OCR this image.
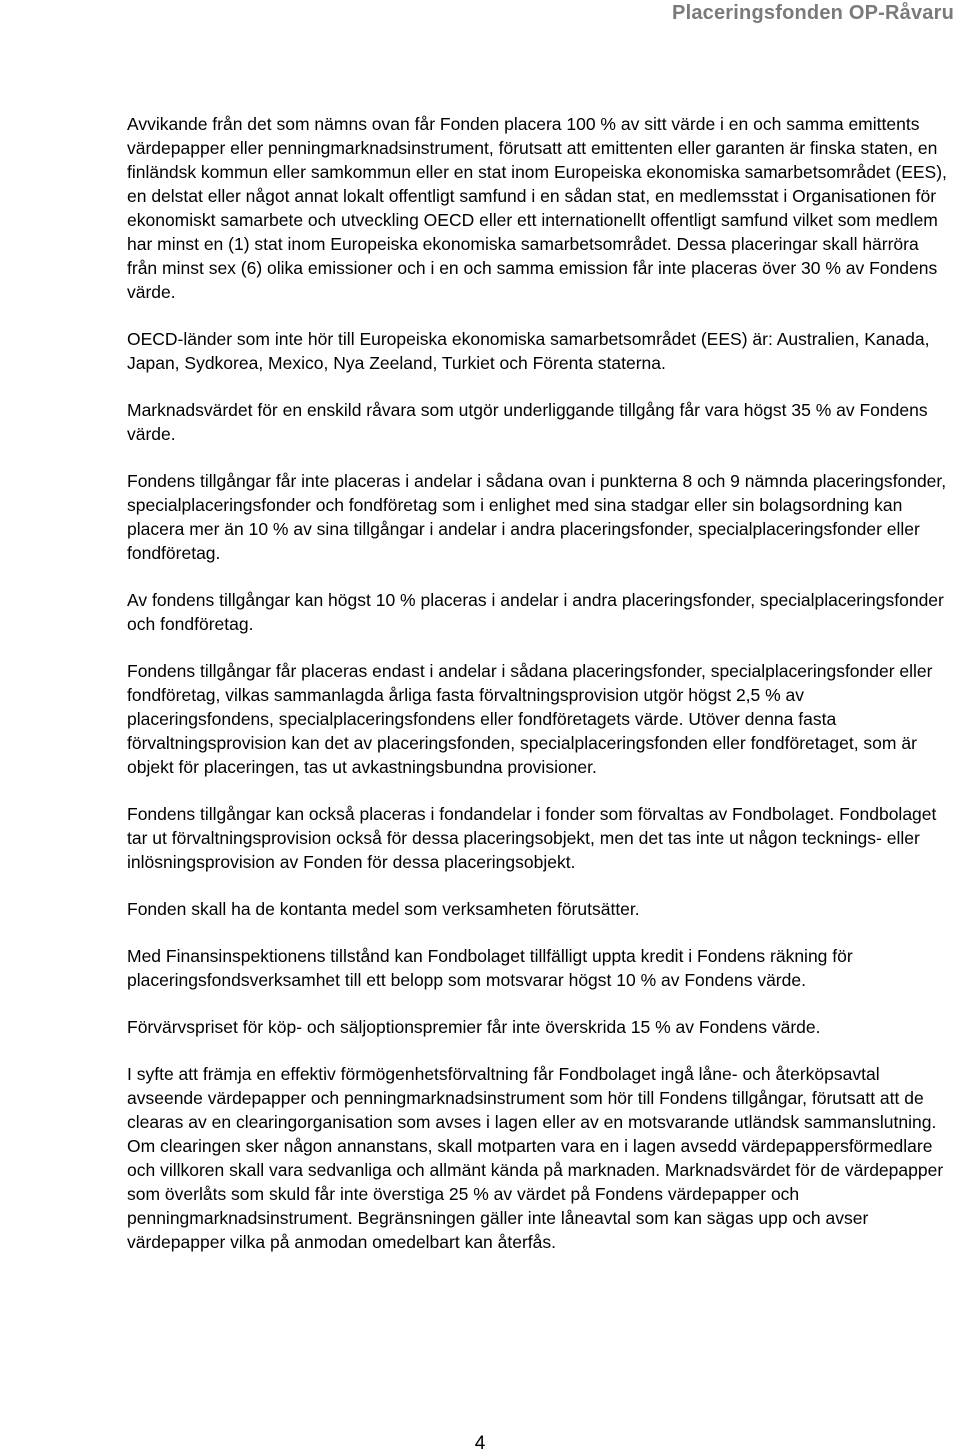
Placeringsfonden OP-Råvaru

Avvikande från det som nämns ovan får Fonden placera 100 % av sitt värde i en och samma emittents värdepapper eller penningmarknadsinstrument, förutsatt att emittenten eller garanten är finska staten, en finländsk kommun eller samkommun eller en stat inom Europeiska ekonomiska samarbetsområdet (EES), en delstat eller något annat lokalt offentligt samfund i en sådan stat, en medlemsstat i Organisationen för ekonomiskt samarbete och utveckling OECD eller ett internationellt offentligt samfund vilket som medlem har minst en (1) stat inom Europeiska ekonomiska samarbetsområdet. Dessa placeringar skall härröra från minst sex (6) olika emissioner och i en och samma emission får inte placeras över 30 % av Fondens värde.

OECD-länder som inte hör till Europeiska ekonomiska samarbetsområdet (EES) är: Australien, Kanada, Japan, Sydkorea, Mexico, Nya Zeeland, Turkiet och Förenta staterna.

Marknadsvärdet för en enskild råvara som utgör underliggande tillgång får vara högst 35 % av Fondens värde.

Fondens tillgångar får inte placeras i andelar i sådana ovan i punkterna 8 och 9 nämnda placeringsfonder, specialplaceringsfonder och fondföretag som i enlighet med sina stadgar eller sin bolagsordning kan placera mer än 10 % av sina tillgångar i andelar i andra placeringsfonder, specialplaceringsfonder eller fondföretag.

Av fondens tillgångar kan högst 10 % placeras i andelar i andra placeringsfonder, specialplaceringsfonder och fondföretag.

Fondens tillgångar får placeras endast i andelar i sådana placeringsfonder, specialplaceringsfonder eller fondföretag, vilkas sammanlagda årliga fasta förvaltningsprovision utgör högst 2,5 % av placeringsfondens, specialplaceringsfondens eller fondföretagets värde. Utöver denna fasta förvaltningsprovision kan det av placeringsfonden, specialplaceringsfonden eller fondföretaget, som är objekt för placeringen, tas ut avkastningsbundna provisioner.

Fondens tillgångar kan också placeras i fondandelar i fonder som förvaltas av Fondbolaget. Fondbolaget tar ut förvaltningsprovision också för dessa placeringsobjekt, men det tas inte ut någon tecknings- eller inlösningsprovision av Fonden för dessa placeringsobjekt.

Fonden skall ha de kontanta medel som verksamheten förutsätter.

Med Finansinspektionens tillstånd kan Fondbolaget tillfälligt uppta kredit i Fondens räkning för placeringsfondsverksamhet till ett belopp som motsvarar högst 10 % av Fondens värde.

Förvärvspriset för köp- och säljoptionspremier får inte överskrida 15 % av Fondens värde.

I syfte att främja en effektiv förmögenhetsförvaltning får Fondbolaget ingå låne- och återköpsavtal avseende värdepapper och penningmarknadsinstrument som hör till Fondens tillgångar, förutsatt att de clearas av en clearingorganisation som avses i lagen eller av en motsvarande utländsk sammanslutning. Om clearingen sker någon annanstans, skall motparten vara en i lagen avsedd värdepappersförmedlare och villkoren skall vara sedvanliga och allmänt kända på marknaden. Marknadsvärdet för de värdepapper som överlåts som skuld får inte överstiga 25 % av värdet på Fondens värdepapper och penningmarknadsinstrument. Begränsningen gäller inte låneavtal som kan sägas upp och avser värdepapper vilka på anmodan omedelbart kan återfås.

4
